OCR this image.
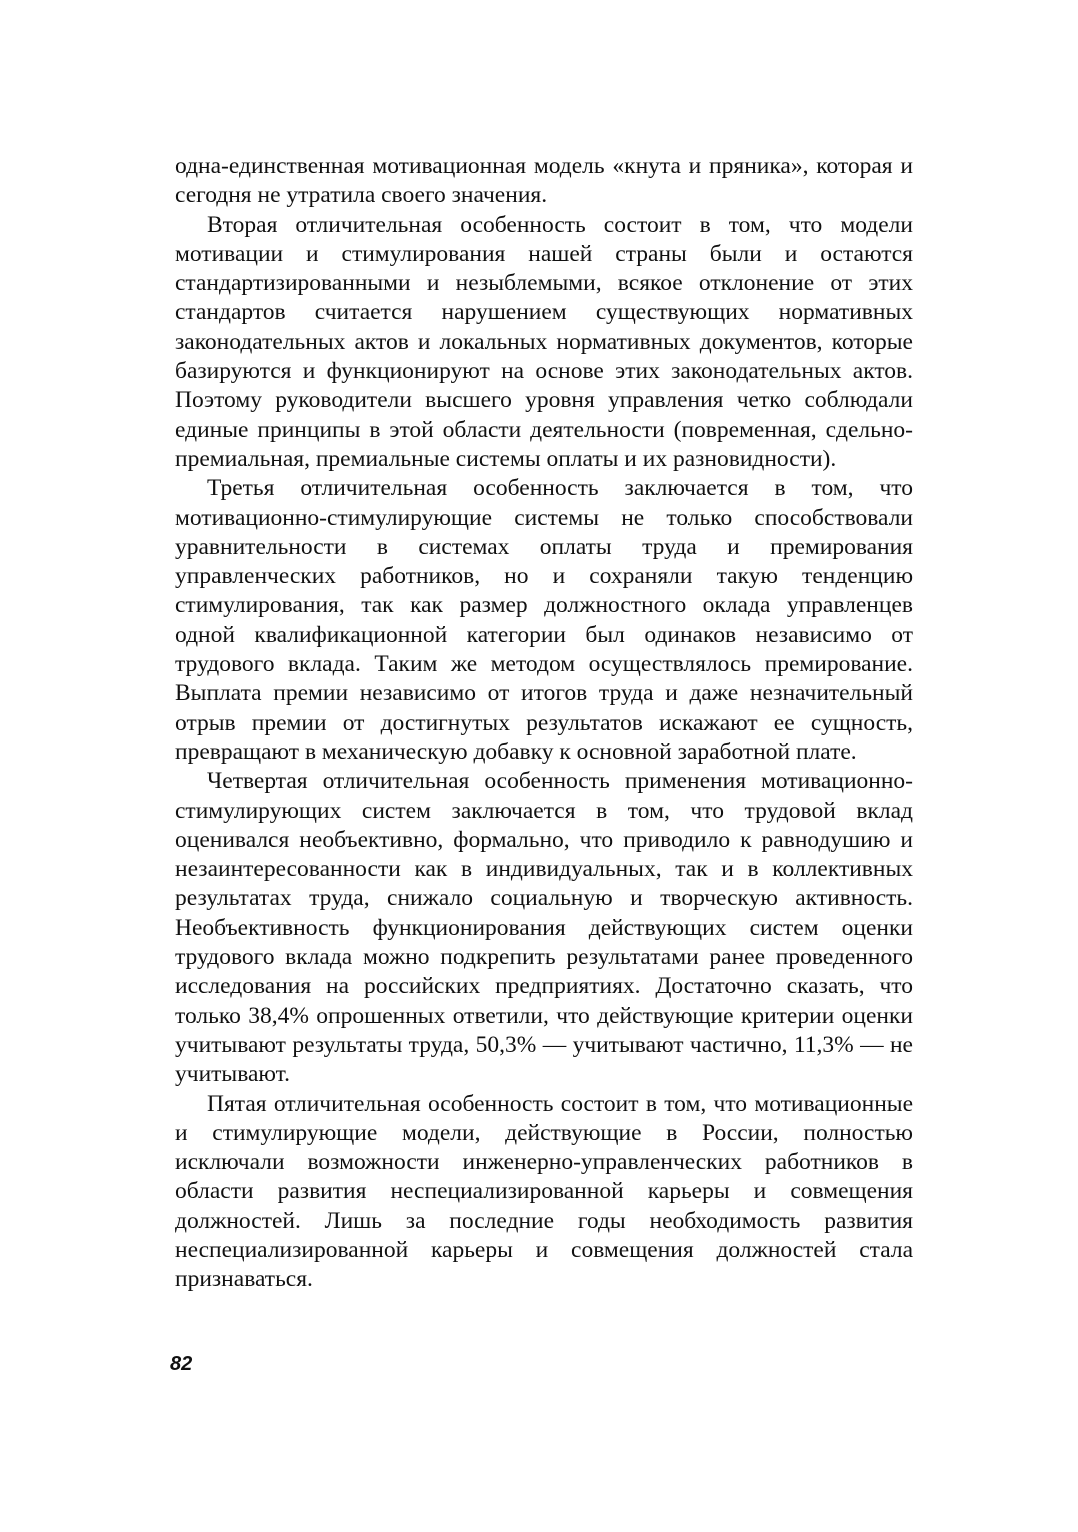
одна-единственная мотивационная модель «кнута и пряника», которая и сегодня не утратила своего значения.

Вторая отличительная особенность состоит в том, что модели мотивации и стимулирования нашей страны были и остаются стандартизированными и незыблемыми, всякое отклонение от этих стандартов считается нарушением существующих нормативных законодательных актов и локальных нормативных документов, которые базируются и функционируют на основе этих законодательных актов. Поэтому руководители высшего уровня управления четко соблюдали единые принципы в этой области деятельности (повременная, сдельно-премиальная, премиальные системы оплаты и их разновидности).

Третья отличительная особенность заключается в том, что мотивационно-стимулирующие системы не только способствовали уравнительности в системах оплаты труда и премирования управленческих работников, но и сохраняли такую тенденцию стимулирования, так как размер должностного оклада управленцев одной квалификационной категории был одинаков независимо от трудового вклада. Таким же методом осуществлялось премирование. Выплата премии независимо от итогов труда и даже незначительный отрыв премии от достигнутых результатов искажают ее сущность, превращают в механическую добавку к основной заработной плате.

Четвертая отличительная особенность применения мотивационно-стимулирующих систем заключается в том, что трудовой вклад оценивался необъективно, формально, что приводило к равнодушию и незаинтересованности как в индивидуальных, так и в коллективных результатах труда, снижало социальную и творческую активность. Необъективность функционирования действующих систем оценки трудового вклада можно подкрепить результатами ранее проведенного исследования на российских предприятиях. Достаточно сказать, что только 38,4% опрошенных ответили, что действующие критерии оценки учитывают результаты труда, 50,3% — учитывают частично, 11,3% — не учитывают.

Пятая отличительная особенность состоит в том, что мотивационные и стимулирующие модели, действующие в России, полностью исключали возможности инженерно-управленческих работников в области развития неспециализированной карьеры и совмещения должностей. Лишь за последние годы необходимость развития неспециализированной карьеры и совмещения должностей стала признаваться.

82
